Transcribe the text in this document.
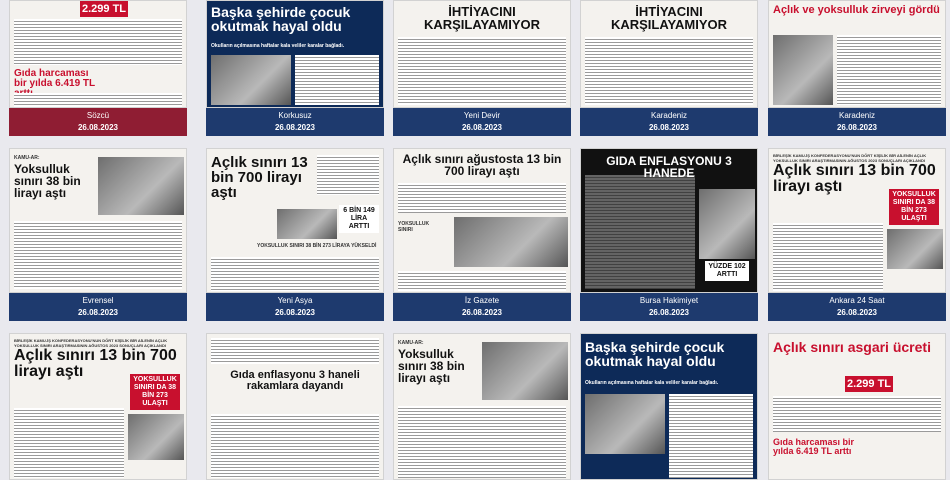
2.299 TL
Gıda harcaması bir yılda 6.419 TL
Sözcü
26.08.2023
Başka şehirde çocuk okutmak hayal oldu
Okulların açılmasına haftalar kala veliler karalar bağladı.
Korkusuz
26.08.2023
İHTİYACINI KARŞILAYAMIYOR
Yeni Devir
26.08.2023
İHTİYACINI KARŞILAYAMIYOR
Karadeniz
26.08.2023
Açlık ve yoksulluk zirveyi gördü
Karadeniz
26.08.2023
KAMU-AR:
Yoksulluk sınırı 38 bin lirayı aştı
Evrensel
26.08.2023
Açlık sınırı 13 bin 700 lirayı aştı
6 BİN 149 LİRA ARTTI
YOKSULLUK SINIRI 38 BİN 273 LİRAYA YÜKSELDİ
Yeni Asya
26.08.2023
Açlık sınırı ağustosta 13 bin 700 lirayı aştı
YOKSULLUK SINIRI
İz Gazete
26.08.2023
GIDA ENFLASYONU 3 HANEDE
YÜZDE 102 ARTTI
Bursa Hakimiyet
26.08.2023
BİRLEŞİK KAMU-İŞ KONFEDERASYONU'NUN DÖRT KİŞİLİK BİR AİLENİN AÇLIK YOKSULLUK SINIRI ARAŞTIRMASININ AĞUSTOS 2023 SONUÇLARI AÇIKLANDI
Açlık sınırı 13 bin 700 lirayı aştı	YOKSULLUK SINIRI DA 38 BİN 273 ULAŞTI
Ankara 24 Saat
26.08.2023
BİRLEŞİK KAMU-İŞ KONFEDERASYONU'NUN DÖRT KİŞİLİK BİR AİLENİN AÇLIK YOKSULLUK SINIRI ARAŞTIRMASININ AĞUSTOS 2023 SONUÇLARI AÇIKLANDI
Açlık sınırı 13 bin 700 lirayı aştı	YOKSULLUK SINIRI DA 38 BİN 273 ULAŞTI
Gıda enflasyonu 3 haneli rakamlara dayandı
KAMU-AR:
Yoksulluk sınırı 38 bin lirayı aştı
Başka şehirde çocuk okutmak hayal oldu
Okulların açılmasına haftalar kala veliler karalar bağladı.
Açlık sınırı asgari ücreti
2.299 TL
Gıda harcaması bir yılda 6.419 TL arttı
